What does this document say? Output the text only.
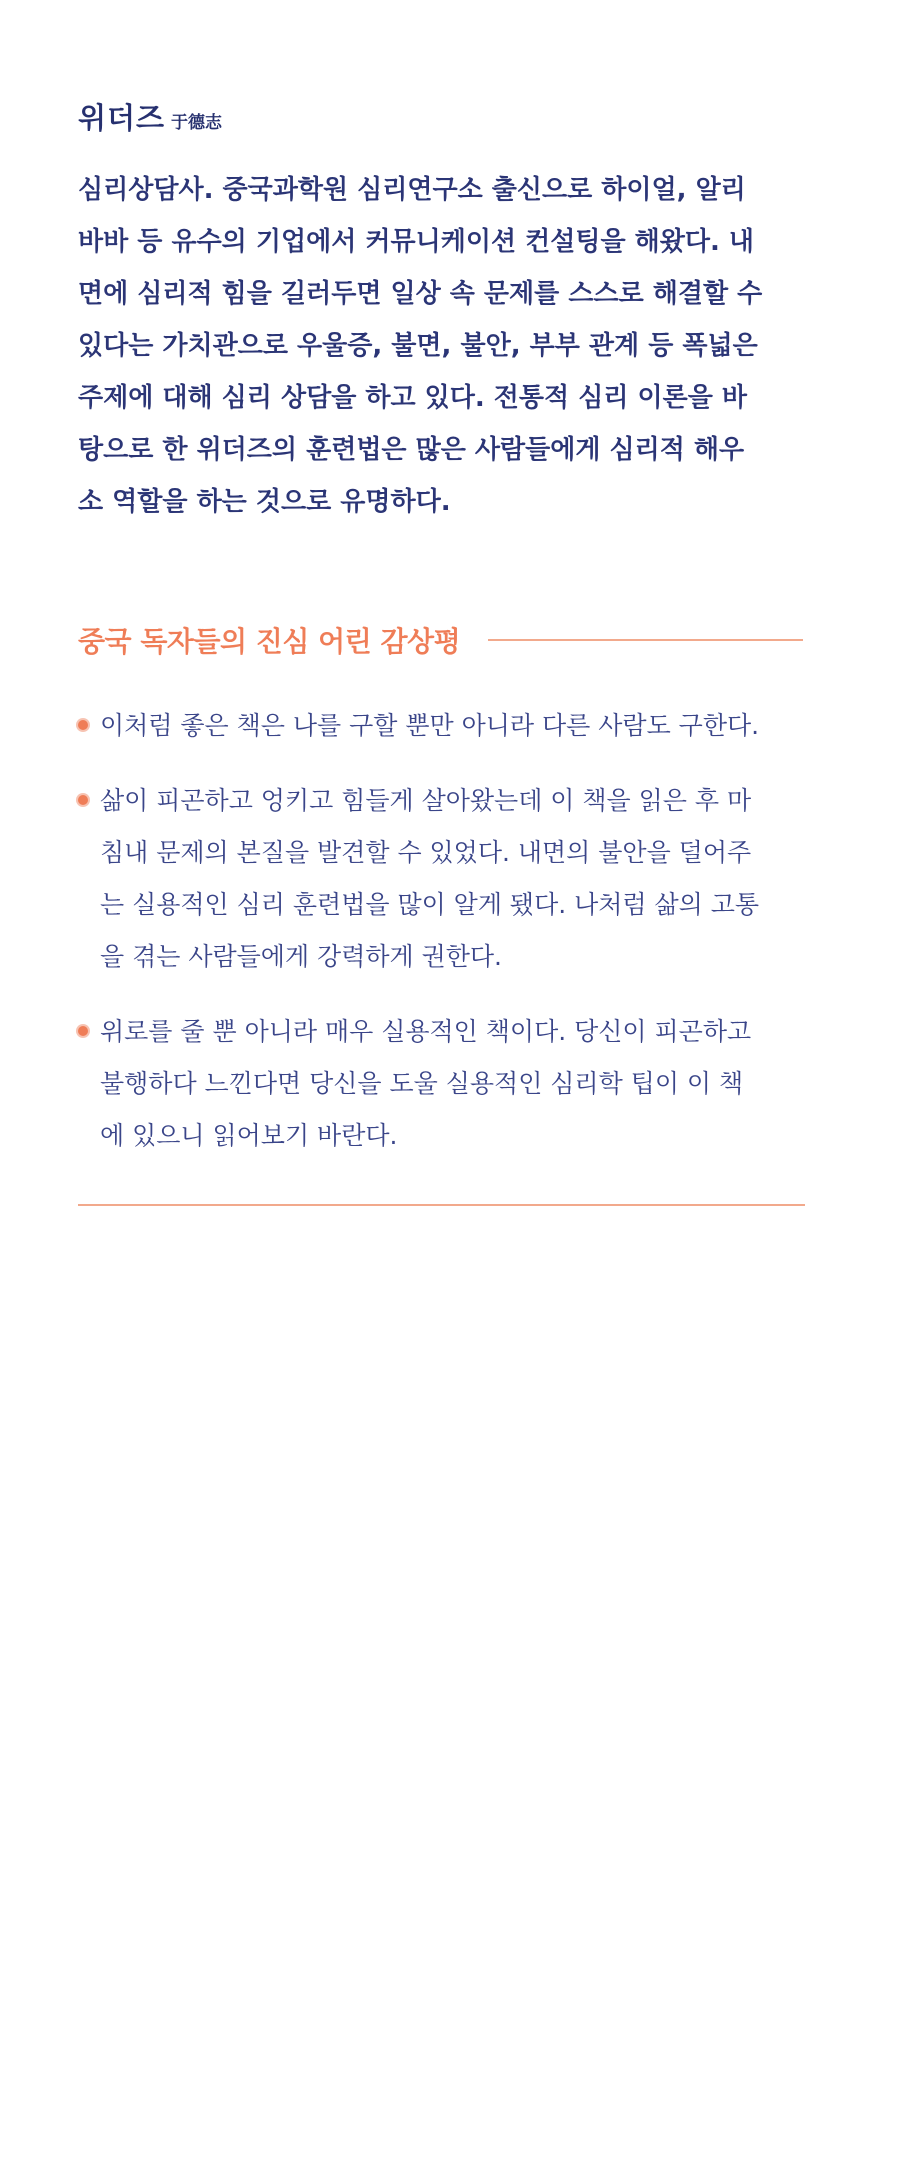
위더즈 于德志

심리상담사. 중국과학원 심리연구소 출신으로 하이얼, 알리
바바 등 유수의 기업에서 커뮤니케이션 컨설팅을 해왔다. 내
면에 심리적 힘을 길러두면 일상 속 문제를 스스로 해결할 수
있다는 가치관으로 우울증, 불면, 불안, 부부 관계 등 폭넓은
주제에 대해 심리 상담을 하고 있다. 전통적 심리 이론을 바
탕으로 한 위더즈의 훈련법은 많은 사람들에게 심리적 해우
소 역할을 하는 것으로 유명하다.

중국 독자들의 진심 어린 감상평
이처럼 좋은 책은 나를 구할 뿐만 아니라 다른 사람도 구한다.
삶이 피곤하고 엉키고 힘들게 살아왔는데 이 책을 읽은 후 마
침내 문제의 본질을 발견할 수 있었다. 내면의 불안을 덜어주
는 실용적인 심리 훈련법을 많이 알게 됐다. 나처럼 삶의 고통
을 겪는 사람들에게 강력하게 권한다.
위로를 줄 뿐 아니라 매우 실용적인 책이다. 당신이 피곤하고
불행하다 느낀다면 당신을 도울 실용적인 심리학 팁이 이 책
에 있으니 읽어보기 바란다.
